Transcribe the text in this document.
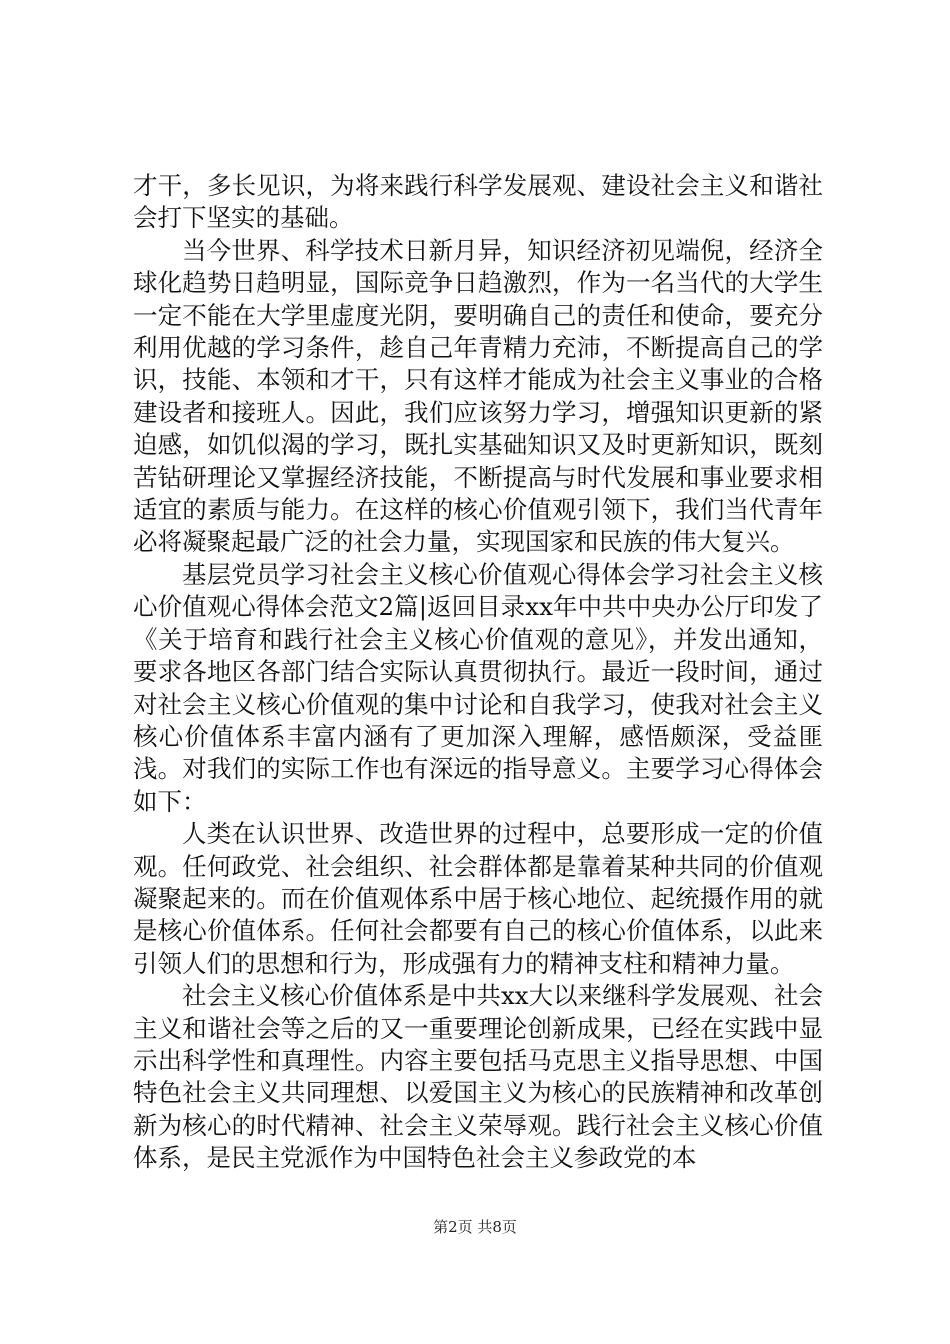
才干，多长见识，为将来践行科学发展观、建设社会主义和谐社会打下坚实的基础。

当今世界、科学技术日新月异，知识经济初见端倪，经济全球化趋势日趋明显，国际竞争日趋激烈，作为一名当代的大学生一定不能在大学里虚度光阴，要明确自己的责任和使命，要充分利用优越的学习条件，趁自己年青精力充沛，不断提高自己的学识，技能、本领和才干，只有这样才能成为社会主义事业的合格建设者和接班人。因此，我们应该努力学习，增强知识更新的紧迫感，如饥似渴的学习，既扎实基础知识又及时更新知识，既刻苦钻研理论又掌握经济技能，不断提高与时代发展和事业要求相适宜的素质与能力。在这样的核心价值观引领下，我们当代青年必将凝聚起最广泛的社会力量，实现国家和民族的伟大复兴。

基层党员学习社会主义核心价值观心得体会学习社会主义核心价值观心得体会范文2篇|返回目录xx年中共中央办公厅印发了《关于培育和践行社会主义核心价值观的意见》，并发出通知，要求各地区各部门结合实际认真贯彻执行。最近一段时间，通过对社会主义核心价值观的集中讨论和自我学习，使我对社会主义核心价值体系丰富内涵有了更加深入理解，感悟颇深，受益匪浅。对我们的实际工作也有深远的指导意义。主要学习心得体会如下：

人类在认识世界、改造世界的过程中，总要形成一定的价值观。任何政党、社会组织、社会群体都是靠着某种共同的价值观凝聚起来的。而在价值观体系中居于核心地位、起统摄作用的就是核心价值体系。任何社会都要有自己的核心价值体系，以此来引领人们的思想和行为，形成强有力的精神支柱和精神力量。

社会主义核心价值体系是中共xx大以来继科学发展观、社会主义和谐社会等之后的又一重要理论创新成果，已经在实践中显示出科学性和真理性。内容主要包括马克思主义指导思想、中国特色社会主义共同理想、以爱国主义为核心的民族精神和改革创新为核心的时代精神、社会主义荣辱观。践行社会主义核心价值体系，是民主党派作为中国特色社会主义参政党的本

第2页 共8页
